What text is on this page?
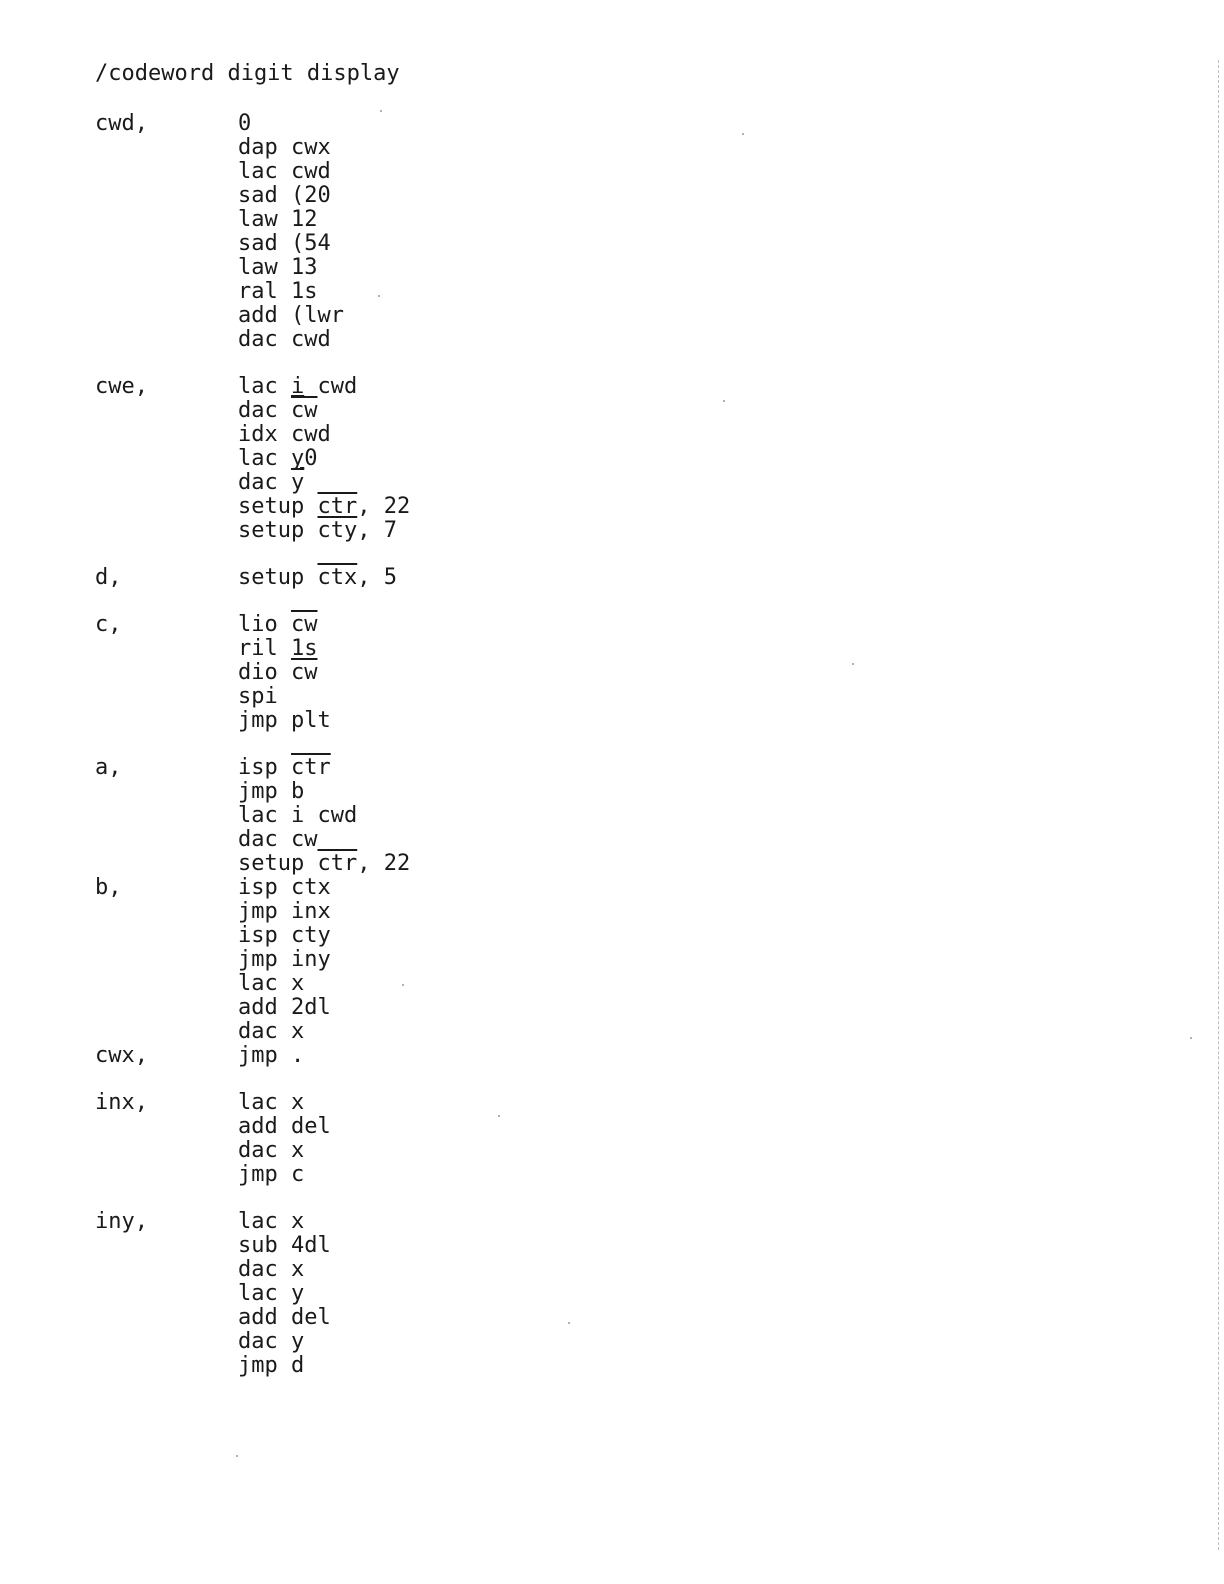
/codeword digit display
cwd,	0
dap cwx
lac cwd
sad (20
law 12
sad (54
law 13
ral 1s
add (lwr
dac cwd
cwe,	lac i cwd
dac $\overline{cw}$
idx cwd
lac y0
dac $\overline{y}$
setup $\overline{ctr}$, 22
setup $\overline{cty}$, 7
d,	setup $\overline{ctx}$, 5
c,	lio $\overline{cw}$
ril 1s
dio $\overline{cw}$
spi
jmp plt
a,	isp $\overline{ctr}$
jmp b
lac i cwd
dac cw
setup $\overline{ctr}$, 22
b,	isp ctx
jmp inx
isp cty
jmp iny
lac x
add 2dl
dac x
cwx,	jmp .
inx,	lac x
add del
dac x
jmp c
iny,	lac x
sub 4dl
dac x
lac y
add del
dac y
jmp d
